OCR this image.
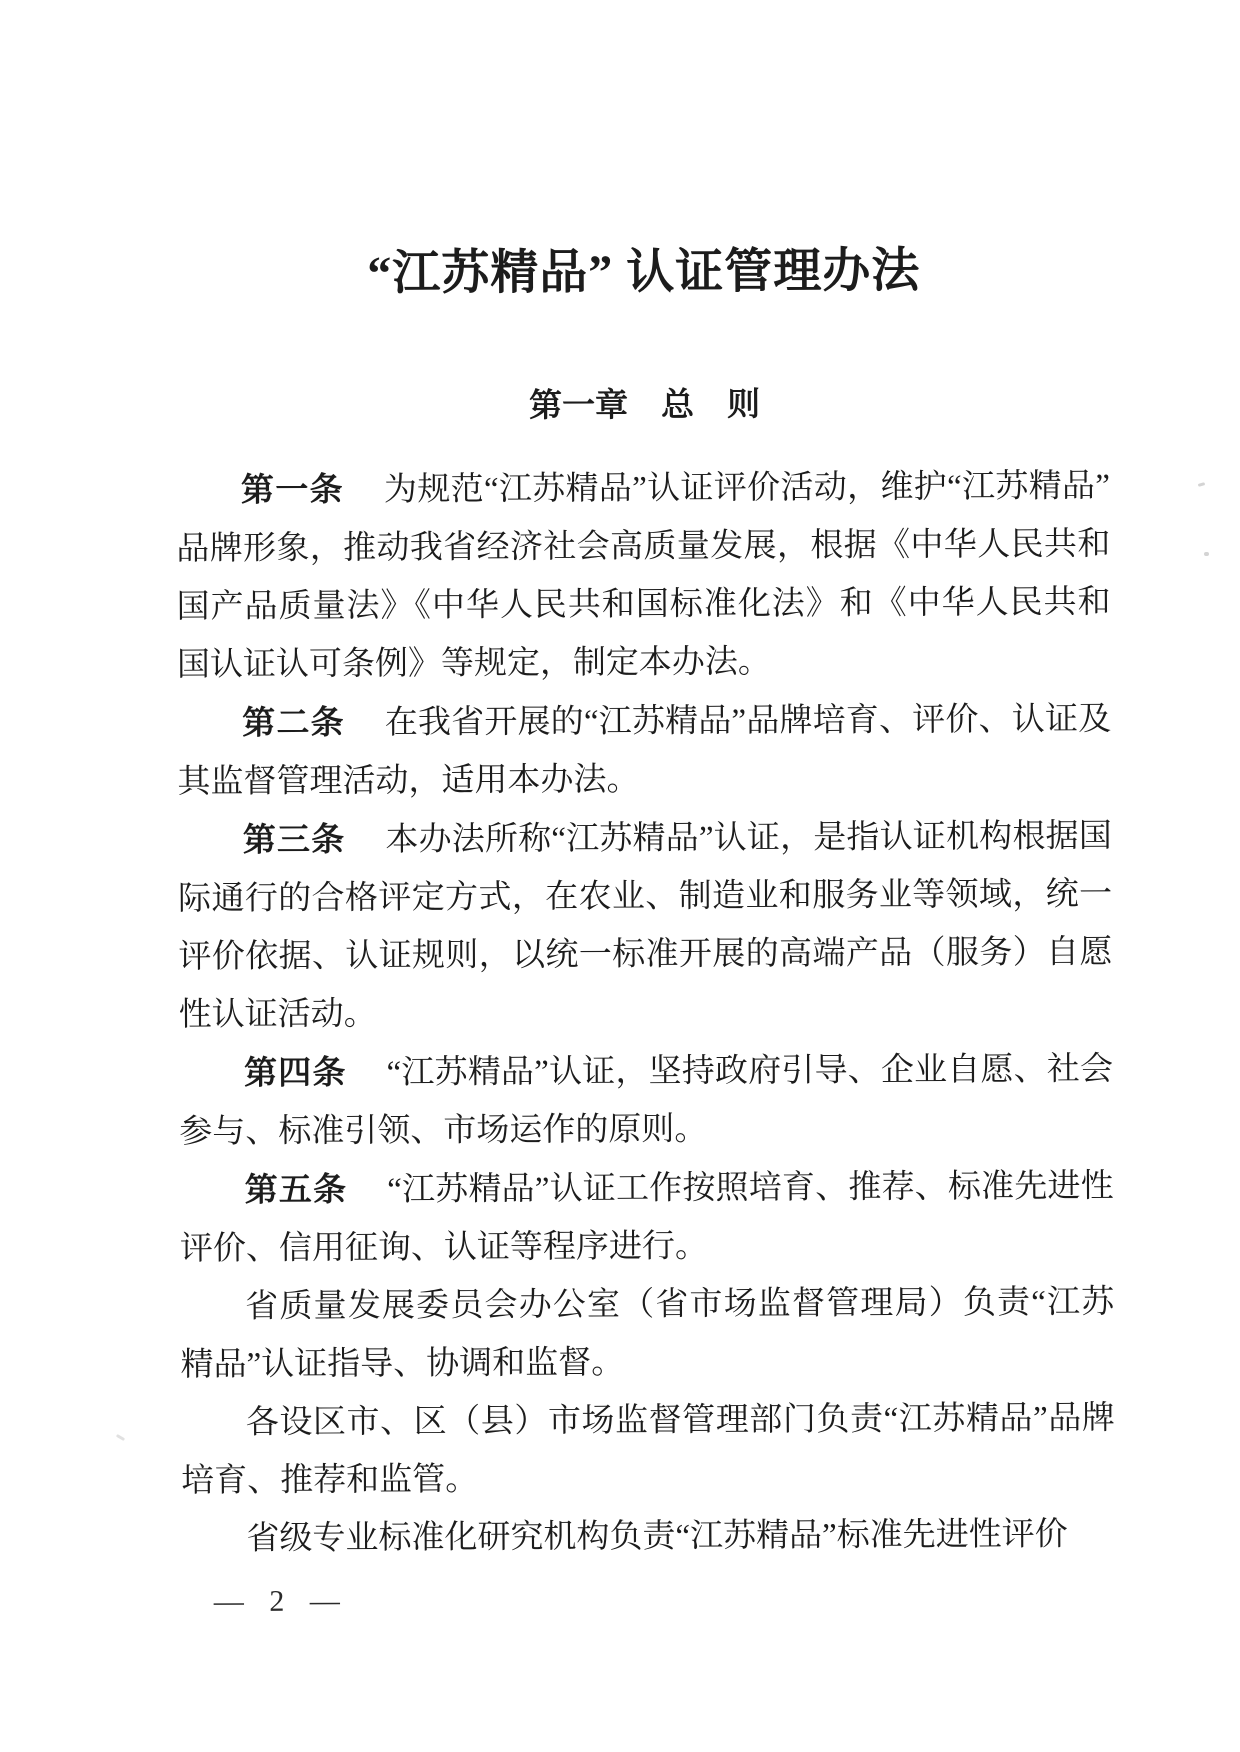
“江苏精品” 认证管理办法
第一章　总　则

第一条 为规范“江苏精品”认证评价活动，维护“江苏精品”品牌形象，推动我省经济社会高质量发展，根据《中华人民共和国产品质量法》《中华人民共和国标准化法》和《中华人民共和国认证认可条例》等规定，制定本办法。

第二条 在我省开展的“江苏精品”品牌培育、评价、认证及其监督管理活动，适用本办法。

第三条 本办法所称“江苏精品”认证，是指认证机构根据国际通行的合格评定方式，在农业、制造业和服务业等领域，统一评价依据、认证规则，以统一标准开展的高端产品（服务）自愿性认证活动。

第四条 “江苏精品”认证，坚持政府引导、企业自愿、社会参与、标准引领、市场运作的原则。

第五条 “江苏精品”认证工作按照培育、推荐、标准先进性评价、信用征询、认证等程序进行。

省质量发展委员会办公室（省市场监督管理局）负责“江苏精品”认证指导、协调和监督。

各设区市、区（县）市场监督管理部门负责“江苏精品”品牌培育、推荐和监管。

省级专业标准化研究机构负责“江苏精品”标准先进性评价

— 2 —
